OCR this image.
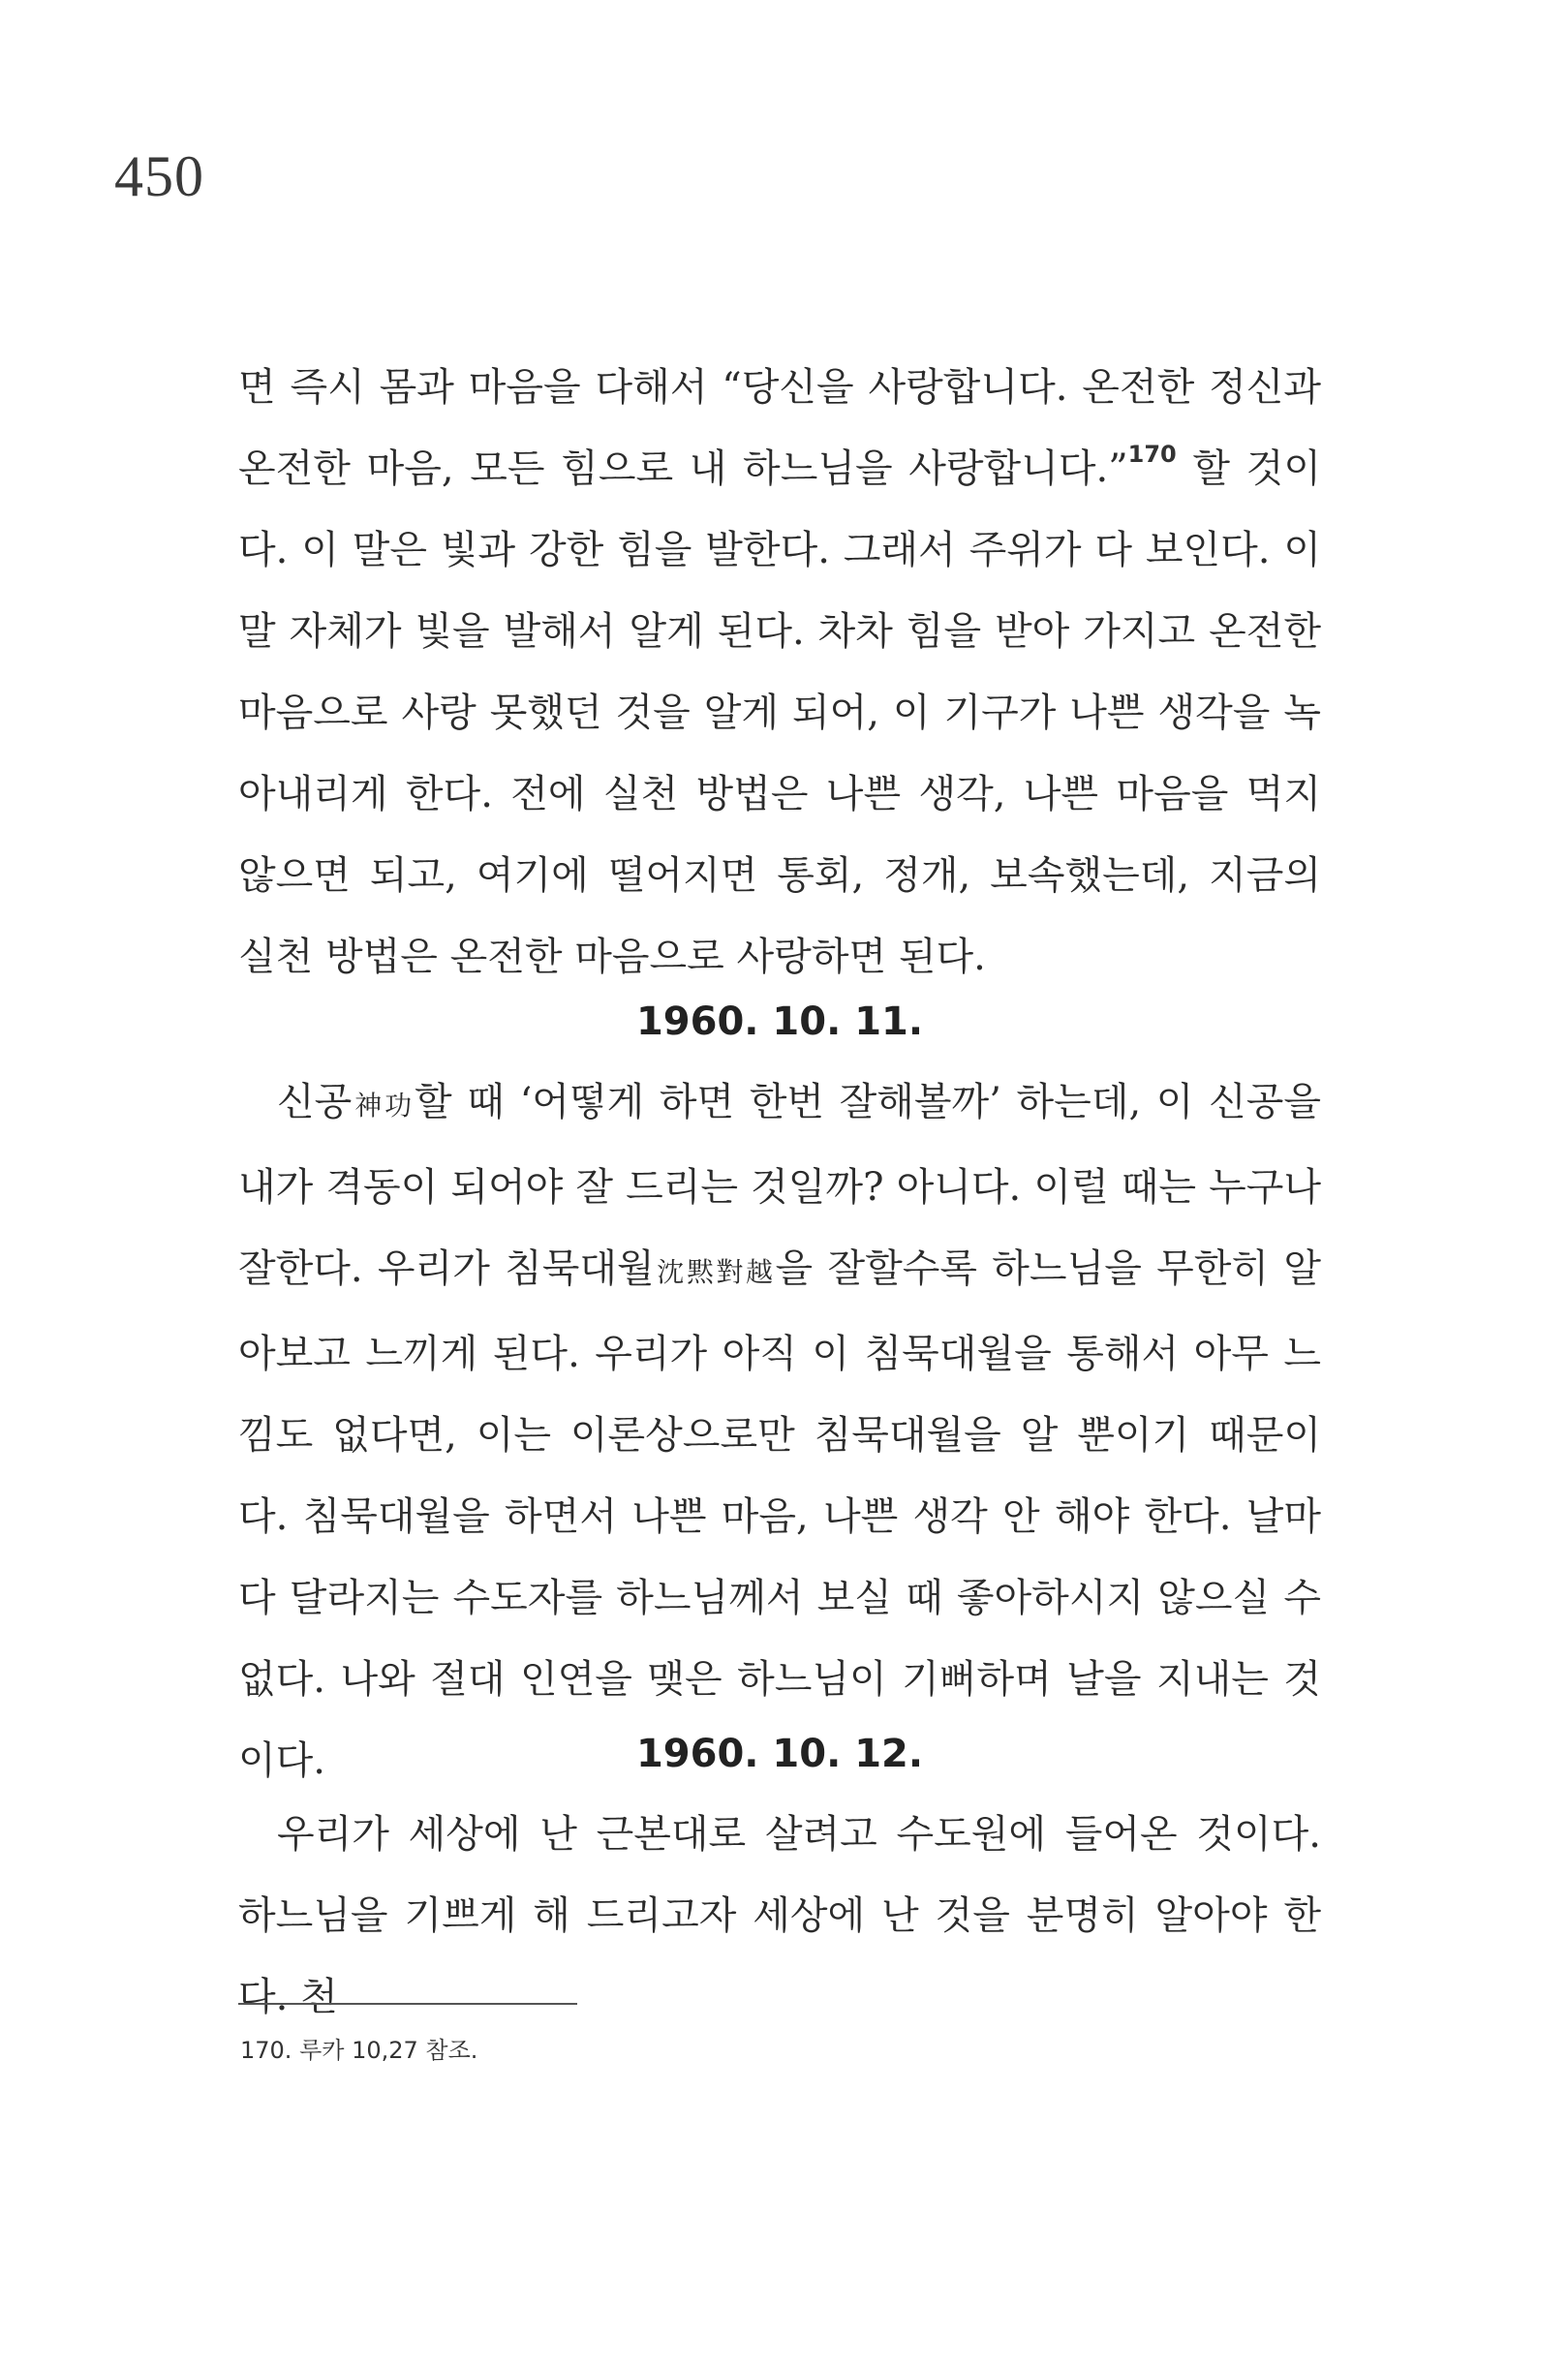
450

면 즉시 몸과 마음을 다해서 “당신을 사랑합니다. 온전한 정신과 온전한 마음, 모든 힘으로 내 하느님을 사랑합니다.”$^{170}$ 할 것이다. 이 말은 빛과 강한 힘을 발한다. 그래서 주위가 다 보인다. 이 말 자체가 빛을 발해서 알게 된다. 차차 힘을 받아 가지고 온전한 마음으로 사랑 못했던 것을 알게 되어, 이 기구가 나쁜 생각을 녹아내리게 한다. 전에 실천 방법은 나쁜 생각, 나쁜 마음을 먹지 않으면 되고, 여기에 떨어지면 통회, 정개, 보속했는데, 지금의 실천 방법은 온전한 마음으로 사랑하면 된다.

1960. 10. 11.

신공神功할 때 ‘어떻게 하면 한번 잘해볼까’ 하는데, 이 신공을 내가 격동이 되어야 잘 드리는 것일까? 아니다. 이럴 때는 누구나 잘한다. 우리가 침묵대월沈黙對越을 잘할수록 하느님을 무한히 알아보고 느끼게 된다. 우리가 아직 이 침묵대월을 통해서 아무 느낌도 없다면, 이는 이론상으로만 침묵대월을 알 뿐이기 때문이다. 침묵대월을 하면서 나쁜 마음, 나쁜 생각 안 해야 한다. 날마다 달라지는 수도자를 하느님께서 보실 때 좋아하시지 않으실 수 없다. 나와 절대 인연을 맺은 하느님이 기뻐하며 날을 지내는 것이다.	1960. 10. 12.

우리가 세상에 난 근본대로 살려고 수도원에 들어온 것이다. 하느님을 기쁘게 해 드리고자 세상에 난 것을 분명히 알아야 한다. 천

170. 루카 10,27 참조.
